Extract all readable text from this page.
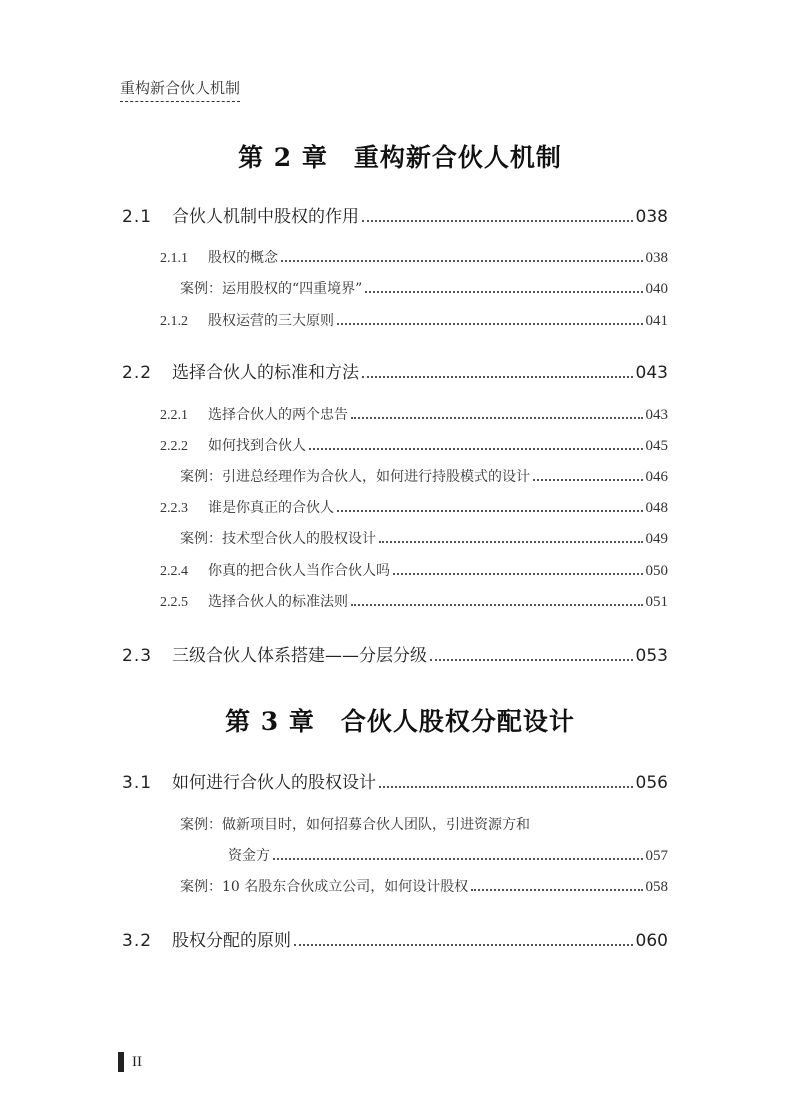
重构新合伙人机制
第 2 章 重构新合伙人机制
2.1	合伙人机制中股权的作用	038
2.1.1	股权的概念	038
案例： 运用股权的“四重境界”	040
2.1.2	股权运营的三大原则	041
2.2	选择合伙人的标准和方法	043
2.2.1	选择合伙人的两个忠告	043
2.2.2	如何找到合伙人	045
案例： 引进总经理作为合伙人，如何进行持股模式的设计	046
2.2.3	谁是你真正的合伙人	048
案例： 技术型合伙人的股权设计	049
2.2.4	你真的把合伙人当作合伙人吗	050
2.2.5	选择合伙人的标准法则	051
2.3	三级合伙人体系搭建——分层分级	053
第 3 章 合伙人股权分配设计
3.1	如何进行合伙人的股权设计	056
案例：做新项目时，如何招募合伙人团队，引进资源方和
资金方	057
案例： 10 名股东合伙成立公司，如何设计股权	058
3.2	股权分配的原则	060
II
